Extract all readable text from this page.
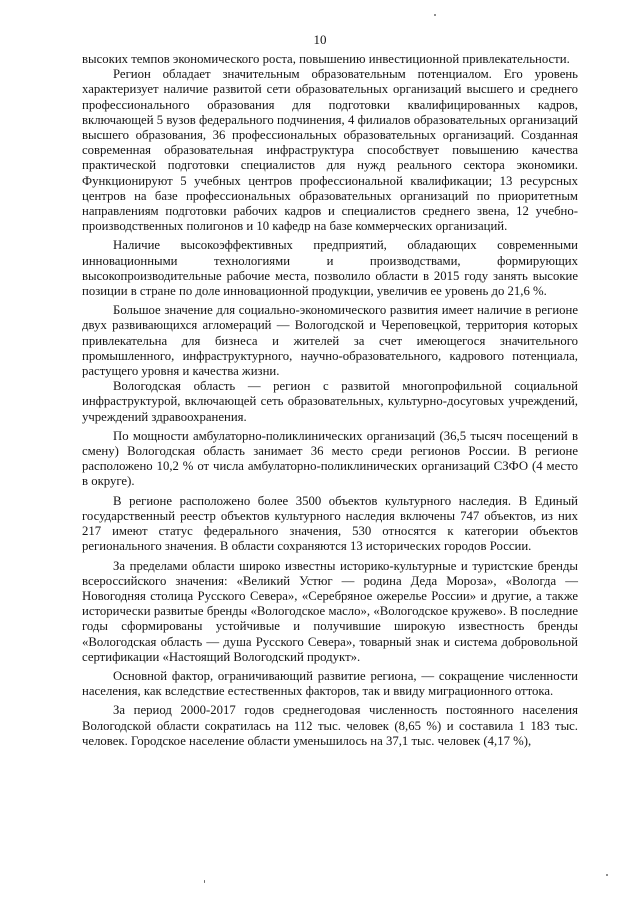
10

высоких темпов экономического роста, повышению инвестиционной привлекательности.

Регион обладает значительным образовательным потенциалом. Его уровень характеризует наличие развитой сети образовательных организаций высшего и среднего профессионального образования для подготовки квалифицированных кадров, включающей 5 вузов федерального подчинения, 4 филиалов образовательных организаций высшего образования, 36 профессиональных образовательных организаций. Созданная современная образовательная инфраструктура способствует повышению качества практической подготовки специалистов для нужд реального сектора экономики. Функционируют 5 учебных центров профессиональной квалификации; 13 ресурсных центров на базе профессиональных образовательных организаций по приоритетным направлениям подготовки рабочих кадров и специалистов среднего звена, 12 учебно-производственных полигонов и 10 кафедр на базе коммерческих организаций.

Наличие высокоэффективных предприятий, обладающих современными инновационными технологиями и производствами, формирующих высокопроизводительные рабочие места, позволило области в 2015 году занять высокие позиции в стране по доле инновационной продукции, увеличив ее уровень до 21,6 %.

Большое значение для социально-экономического развития имеет наличие в регионе двух развивающихся агломераций — Вологодской и Череповецкой, территория которых привлекательна для бизнеса и жителей за счет имеющегося значительного промышленного, инфраструктурного, научно-образовательного, кадрового потенциала, растущего уровня и качества жизни.

Вологодская область — регион с развитой многопрофильной социальной инфраструктурой, включающей сеть образовательных, культурно-досуговых учреждений, учреждений здравоохранения.

По мощности амбулаторно-поликлинических организаций (36,5 тысяч посещений в смену) Вологодская область занимает 36 место среди регионов России. В регионе расположено 10,2 % от числа амбулаторно-поликлинических организаций СЗФО (4 место в округе).

В регионе расположено более 3500 объектов культурного наследия. В Единый государственный реестр объектов культурного наследия включены 747 объектов, из них 217 имеют статус федерального значения, 530 относятся к категории объектов регионального значения. В области сохраняются 13 исторических городов России.

За пределами области широко известны историко-культурные и туристские бренды всероссийского значения: «Великий Устюг — родина Деда Мороза», «Вологда — Новогодняя столица Русского Севера», «Серебряное ожерелье России» и другие, а также исторически развитые бренды «Вологодское масло», «Вологодское кружево». В последние годы сформированы устойчивые и получившие широкую известность бренды «Вологодская область — душа Русского Севера», товарный знак и система добровольной сертификации «Настоящий Вологодский продукт».

Основной фактор, ограничивающий развитие региона, — сокращение численности населения, как вследствие естественных факторов, так и ввиду миграционного оттока.

За период 2000-2017 годов среднегодовая численность постоянного населения Вологодской области сократилась на 112 тыс. человек (8,65 %) и составила 1 183 тыс. человек. Городское население области уменьшилось на 37,1 тыс. человек (4,17 %),
